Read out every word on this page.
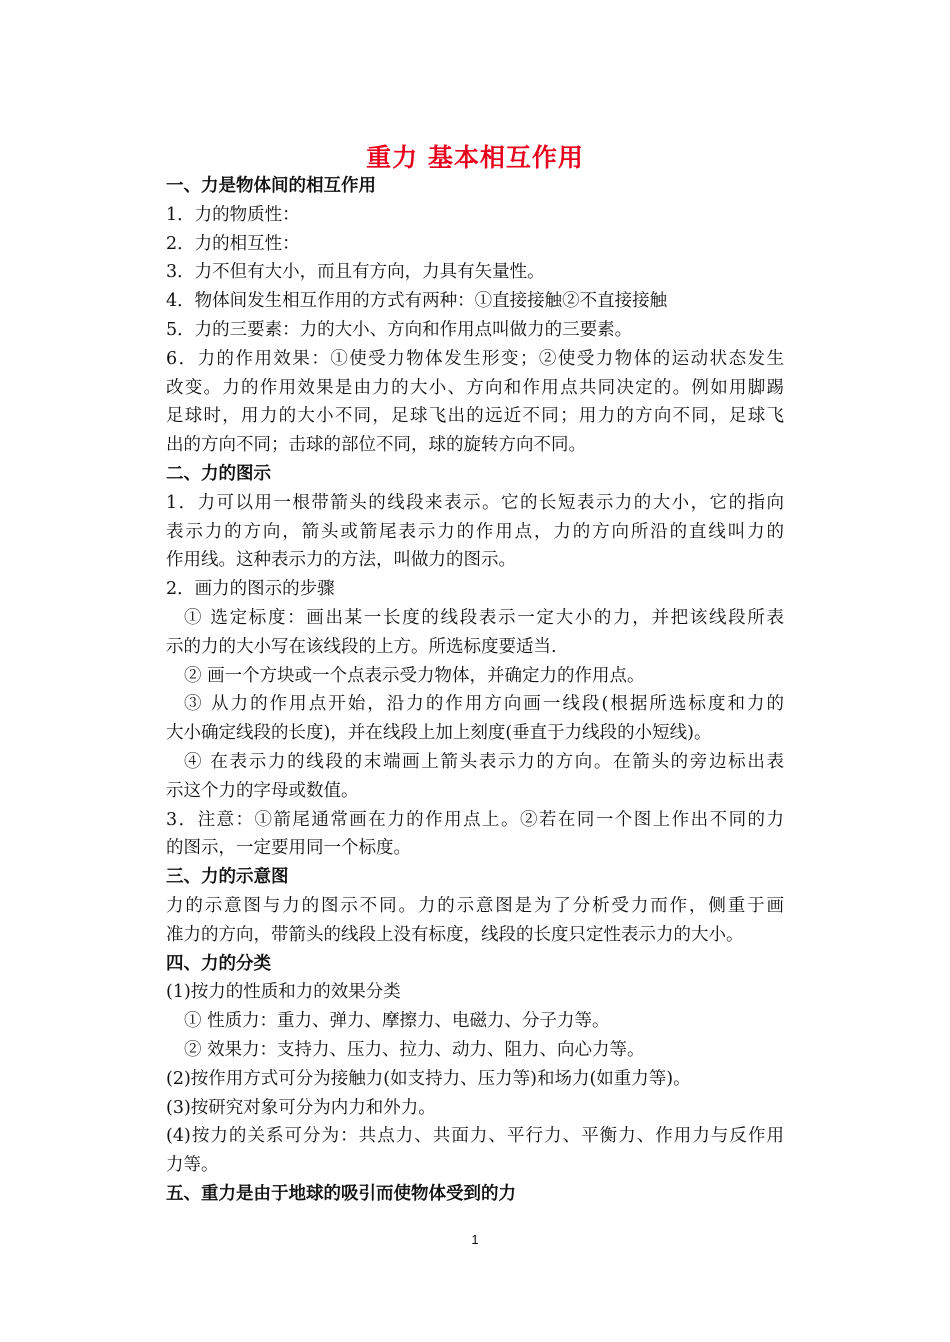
重力 基本相互作用
一、力是物体间的相互作用
1．力的物质性：
2．力的相互性：
3．力不但有大小，而且有方向，力具有矢量性。
4．物体间发生相互作用的方式有两种：①直接接触②不直接接触
5．力的三要素：力的大小、方向和作用点叫做力的三要素。
6．力的作用效果：①使受力物体发生形变；②使受力物体的运动状态发生
改变。力的作用效果是由力的大小、方向和作用点共同决定的。例如用脚踢
足球时，用力的大小不同，足球飞出的远近不同；用力的方向不同，足球飞
出的方向不同；击球的部位不同，球的旋转方向不同。
二、力的图示
1．力可以用一根带箭头的线段来表示。它的长短表示力的大小，它的指向
表示力的方向，箭头或箭尾表示力的作用点，力的方向所沿的直线叫力的
作用线。这种表示力的方法，叫做力的图示。
2．画力的图示的步骤
① 选定标度：画出某一长度的线段表示一定大小的力，并把该线段所表
示的力的大小写在该线段的上方。所选标度要适当.
② 画一个方块或一个点表示受力物体，并确定力的作用点。
③ 从力的作用点开始，沿力的作用方向画一线段(根据所选标度和力的
大小确定线段的长度)，并在线段上加上刻度(垂直于力线段的小短线)。
④ 在表示力的线段的末端画上箭头表示力的方向。在箭头的旁边标出表
示这个力的字母或数值。
3．注意：①箭尾通常画在力的作用点上。②若在同一个图上作出不同的力
的图示，一定要用同一个标度。
三、力的示意图
力的示意图与力的图示不同。力的示意图是为了分析受力而作，侧重于画
准力的方向，带箭头的线段上没有标度，线段的长度只定性表示力的大小。
四、力的分类
(1)按力的性质和力的效果分类
① 性质力：重力、弹力、摩擦力、电磁力、分子力等。
② 效果力：支持力、压力、拉力、动力、阻力、向心力等。
(2)按作用方式可分为接触力(如支持力、压力等)和场力(如重力等)。
(3)按研究对象可分为内力和外力。
(4)按力的关系可分为：共点力、共面力、平行力、平衡力、作用力与反作用
力等。
五、重力是由于地球的吸引而使物体受到的力
1
